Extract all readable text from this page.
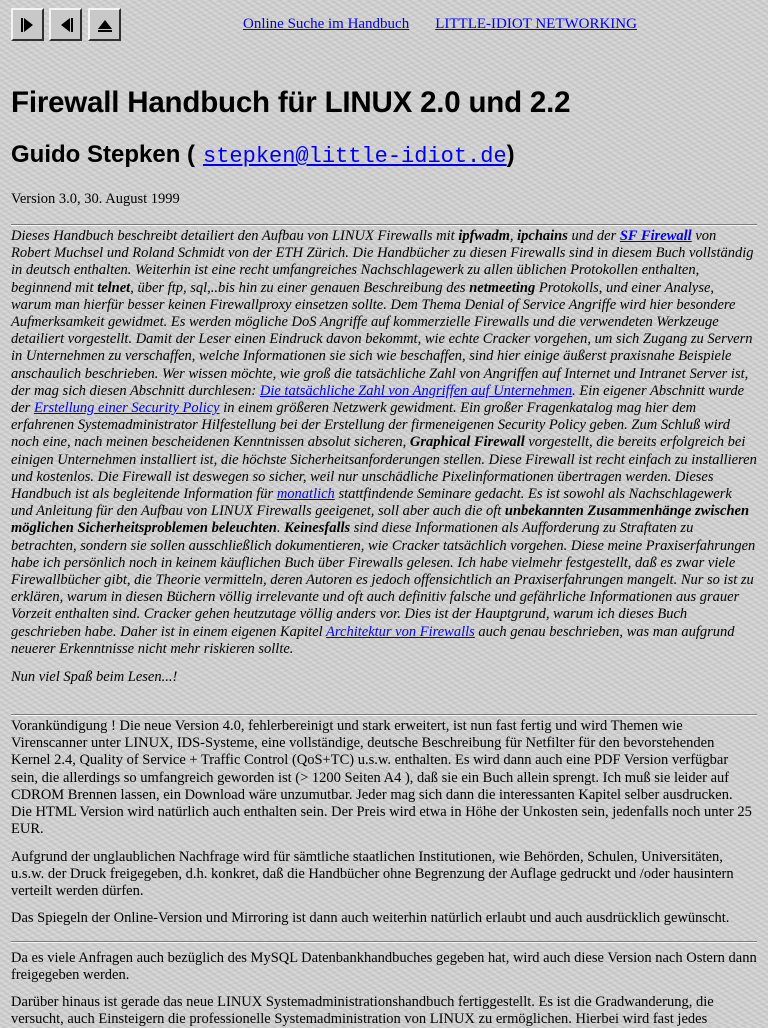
Online Suche im Handbuch LITTLE-IDIOT NETWORKING
Firewall Handbuch für LINUX 2.0 und 2.2
Guido Stepken ( stepken@little-idiot.de)

Version 3.0, 30. August 1999

Dieses Handbuch beschreibt detailiert den Aufbau von LINUX Firewalls mit ipfwadm, ipchains und der SF Firewall von Robert Muchsel und Roland Schmidt von der ETH Zürich. Die Handbücher zu diesen Firewalls sind in diesem Buch vollständig in deutsch enthalten. Weiterhin ist eine recht umfangreiches Nachschlagewerk zu allen üblichen Protokollen enthalten, beginnend mit telnet, über ftp, sql,..bis hin zu einer genauen Beschreibung des netmeeting Protokolls, und einer Analyse, warum man hierfür besser keinen Firewallproxy einsetzen sollte. Dem Thema Denial of Service Angriffe wird hier besondere Aufmerksamkeit gewidmet. Es werden mögliche DoS Angriffe auf kommerzielle Firewalls und die verwendeten Werkzeuge detailiert vorgestellt. Damit der Leser einen Eindruck davon bekommt, wie echte Cracker vorgehen, um sich Zugang zu Servern in Unternehmen zu verschaffen, welche Informationen sie sich wie beschaffen, sind hier einige äußerst praxisnahe Beispiele anschaulich beschrieben. Wer wissen möchte, wie groß die tatsächliche Zahl von Angriffen auf Internet und Intranet Server ist, der mag sich diesen Abschnitt durchlesen: Die tatsächliche Zahl von Angriffen auf Unternehmen. Ein eigener Abschnitt wurde der Erstellung einer Security Policy in einem größeren Netzwerk gewidment. Ein großer Fragenkatalog mag hier dem erfahrenen Systemadministrator Hilfestellung bei der Erstellung der firmeneigenen Security Policy geben. Zum Schluß wird noch eine, nach meinen bescheidenen Kenntnissen absolut sicheren, Graphical Firewall vorgestellt, die bereits erfolgreich bei einigen Unternehmen installiert ist, die höchste Sicherheitsanforderungen stellen. Diese Firewall ist recht einfach zu installieren und kostenlos. Die Firewall ist deswegen so sicher, weil nur unschädliche Pixelinformationen übertragen werden. Dieses Handbuch ist als begleitende Information für monatlich stattfindende Seminare gedacht. Es ist sowohl als Nachschlagewerk und Anleitung für den Aufbau von LINUX Firewalls geeigenet, soll aber auch die oft unbekannten Zusammenhänge zwischen möglichen Sicherheitsproblemen beleuchten. Keinesfalls sind diese Informationen als Aufforderung zu Straftaten zu betrachten, sondern sie sollen ausschließlich dokumentieren, wie Cracker tatsächlich vorgehen. Diese meine Praxiserfahrungen habe ich persönlich noch in keinem käuflichen Buch über Firewalls gelesen. Ich habe vielmehr festgestellt, daß es zwar viele Firewallbücher gibt, die Theorie vermitteln, deren Autoren es jedoch offensichtlich an Praxiserfahrungen mangelt. Nur so ist zu erklären, warum in diesen Büchern völlig irrelevante und oft auch definitiv falsche und gefährliche Informationen aus grauer Vorzeit enthalten sind. Cracker gehen heutzutage völlig anders vor. Dies ist der Hauptgrund, warum ich dieses Buch geschrieben habe. Daher ist in einem eigenen Kapitel Architektur von Firewalls auch genau beschrieben, was man aufgrund neuerer Erkenntnisse nicht mehr riskieren sollte.
Nun viel Spaß beim Lesen...!

Vorankündigung ! Die neue Version 4.0, fehlerbereinigt und stark erweitert, ist nun fast fertig und wird Themen wie Virenscanner unter LINUX, IDS-Systeme, eine vollständige, deutsche Beschreibung für Netfilter für den bevorstehenden Kernel 2.4, Quality of Service + Traffic Control (QoS+TC) u.s.w. enthalten. Es wird dann auch eine PDF Version verfügbar sein, die allerdings so umfangreich geworden ist (> 1200 Seiten A4 ), daß sie ein Buch allein sprengt. Ich muß sie leider auf CDROM Brennen lassen, ein Download wäre unzumutbar. Jeder mag sich dann die interessanten Kapitel selber ausdrucken. Die HTML Version wird natürlich auch enthalten sein. Der Preis wird etwa in Höhe der Unkosten sein, jedenfalls noch unter 25 EUR.

Aufgrund der unglaublichen Nachfrage wird für sämtliche staatlichen Institutionen, wie Behörden, Schulen, Universitäten, u.s.w. der Druck freigegeben, d.h. konkret, daß die Handbücher ohne Begrenzung der Auflage gedruckt und /oder hausintern verteilt werden dürfen.

Das Spiegeln der Online-Version und Mirroring ist dann auch weiterhin natürlich erlaubt und auch ausdrücklich gewünscht.

Da es viele Anfragen auch bezüglich des MySQL Datenbankhandbuches gegeben hat, wird auch diese Version nach Ostern dann freigegeben werden.

Darüber hinaus ist gerade das neue LINUX Systemadministrationshandbuch fertiggestellt. Es ist die Gradwanderung, die versucht, auch Einsteigern die professionelle Systemadministration von LINUX zu ermöglichen. Hierbei wird fast jedes
